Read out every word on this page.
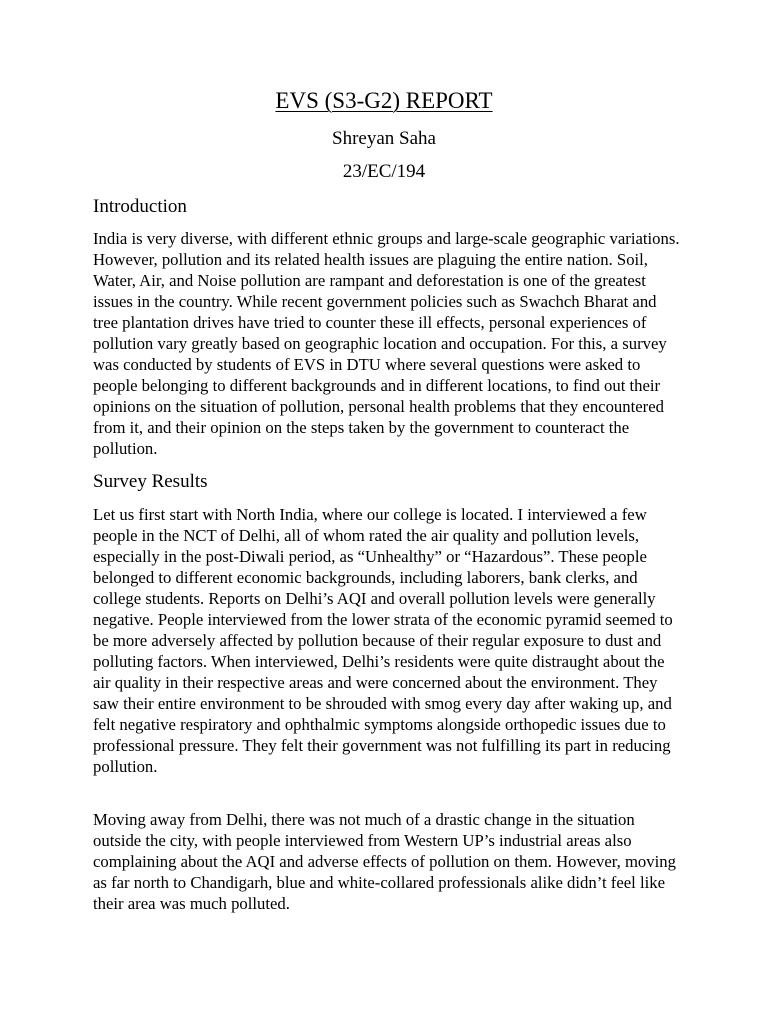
EVS (S3-G2) REPORT

Shreyan Saha

23/EC/194

Introduction

India is very diverse, with different ethnic groups and large-scale geographic variations. However, pollution and its related health issues are plaguing the entire nation. Soil, Water, Air, and Noise pollution are rampant and deforestation is one of the greatest issues in the country. While recent government policies such as Swachch Bharat and tree plantation drives have tried to counter these ill effects, personal experiences of pollution vary greatly based on geographic location and occupation. For this, a survey was conducted by students of EVS in DTU where several questions were asked to people belonging to different backgrounds and in different locations, to find out their opinions on the situation of pollution, personal health problems that they encountered from it, and their opinion on the steps taken by the government to counteract the pollution.

Survey Results

Let us first start with North India, where our college is located. I interviewed a few people in the NCT of Delhi, all of whom rated the air quality and pollution levels, especially in the post-Diwali period, as “Unhealthy” or “Hazardous”. These people belonged to different economic backgrounds, including laborers, bank clerks, and college students. Reports on Delhi’s AQI and overall pollution levels were generally negative. People interviewed from the lower strata of the economic pyramid seemed to be more adversely affected by pollution because of their regular exposure to dust and polluting factors. When interviewed, Delhi’s residents were quite distraught about the air quality in their respective areas and were concerned about the environment. They saw their entire environment to be shrouded with smog every day after waking up, and felt negative respiratory and ophthalmic symptoms alongside orthopedic issues due to professional pressure. They felt their government was not fulfilling its part in reducing pollution.

Moving away from Delhi, there was not much of a drastic change in the situation outside the city, with people interviewed from Western UP’s industrial areas also complaining about the AQI and adverse effects of pollution on them. However, moving as far north to Chandigarh, blue and white-collared professionals alike didn’t feel like their area was much polluted.
